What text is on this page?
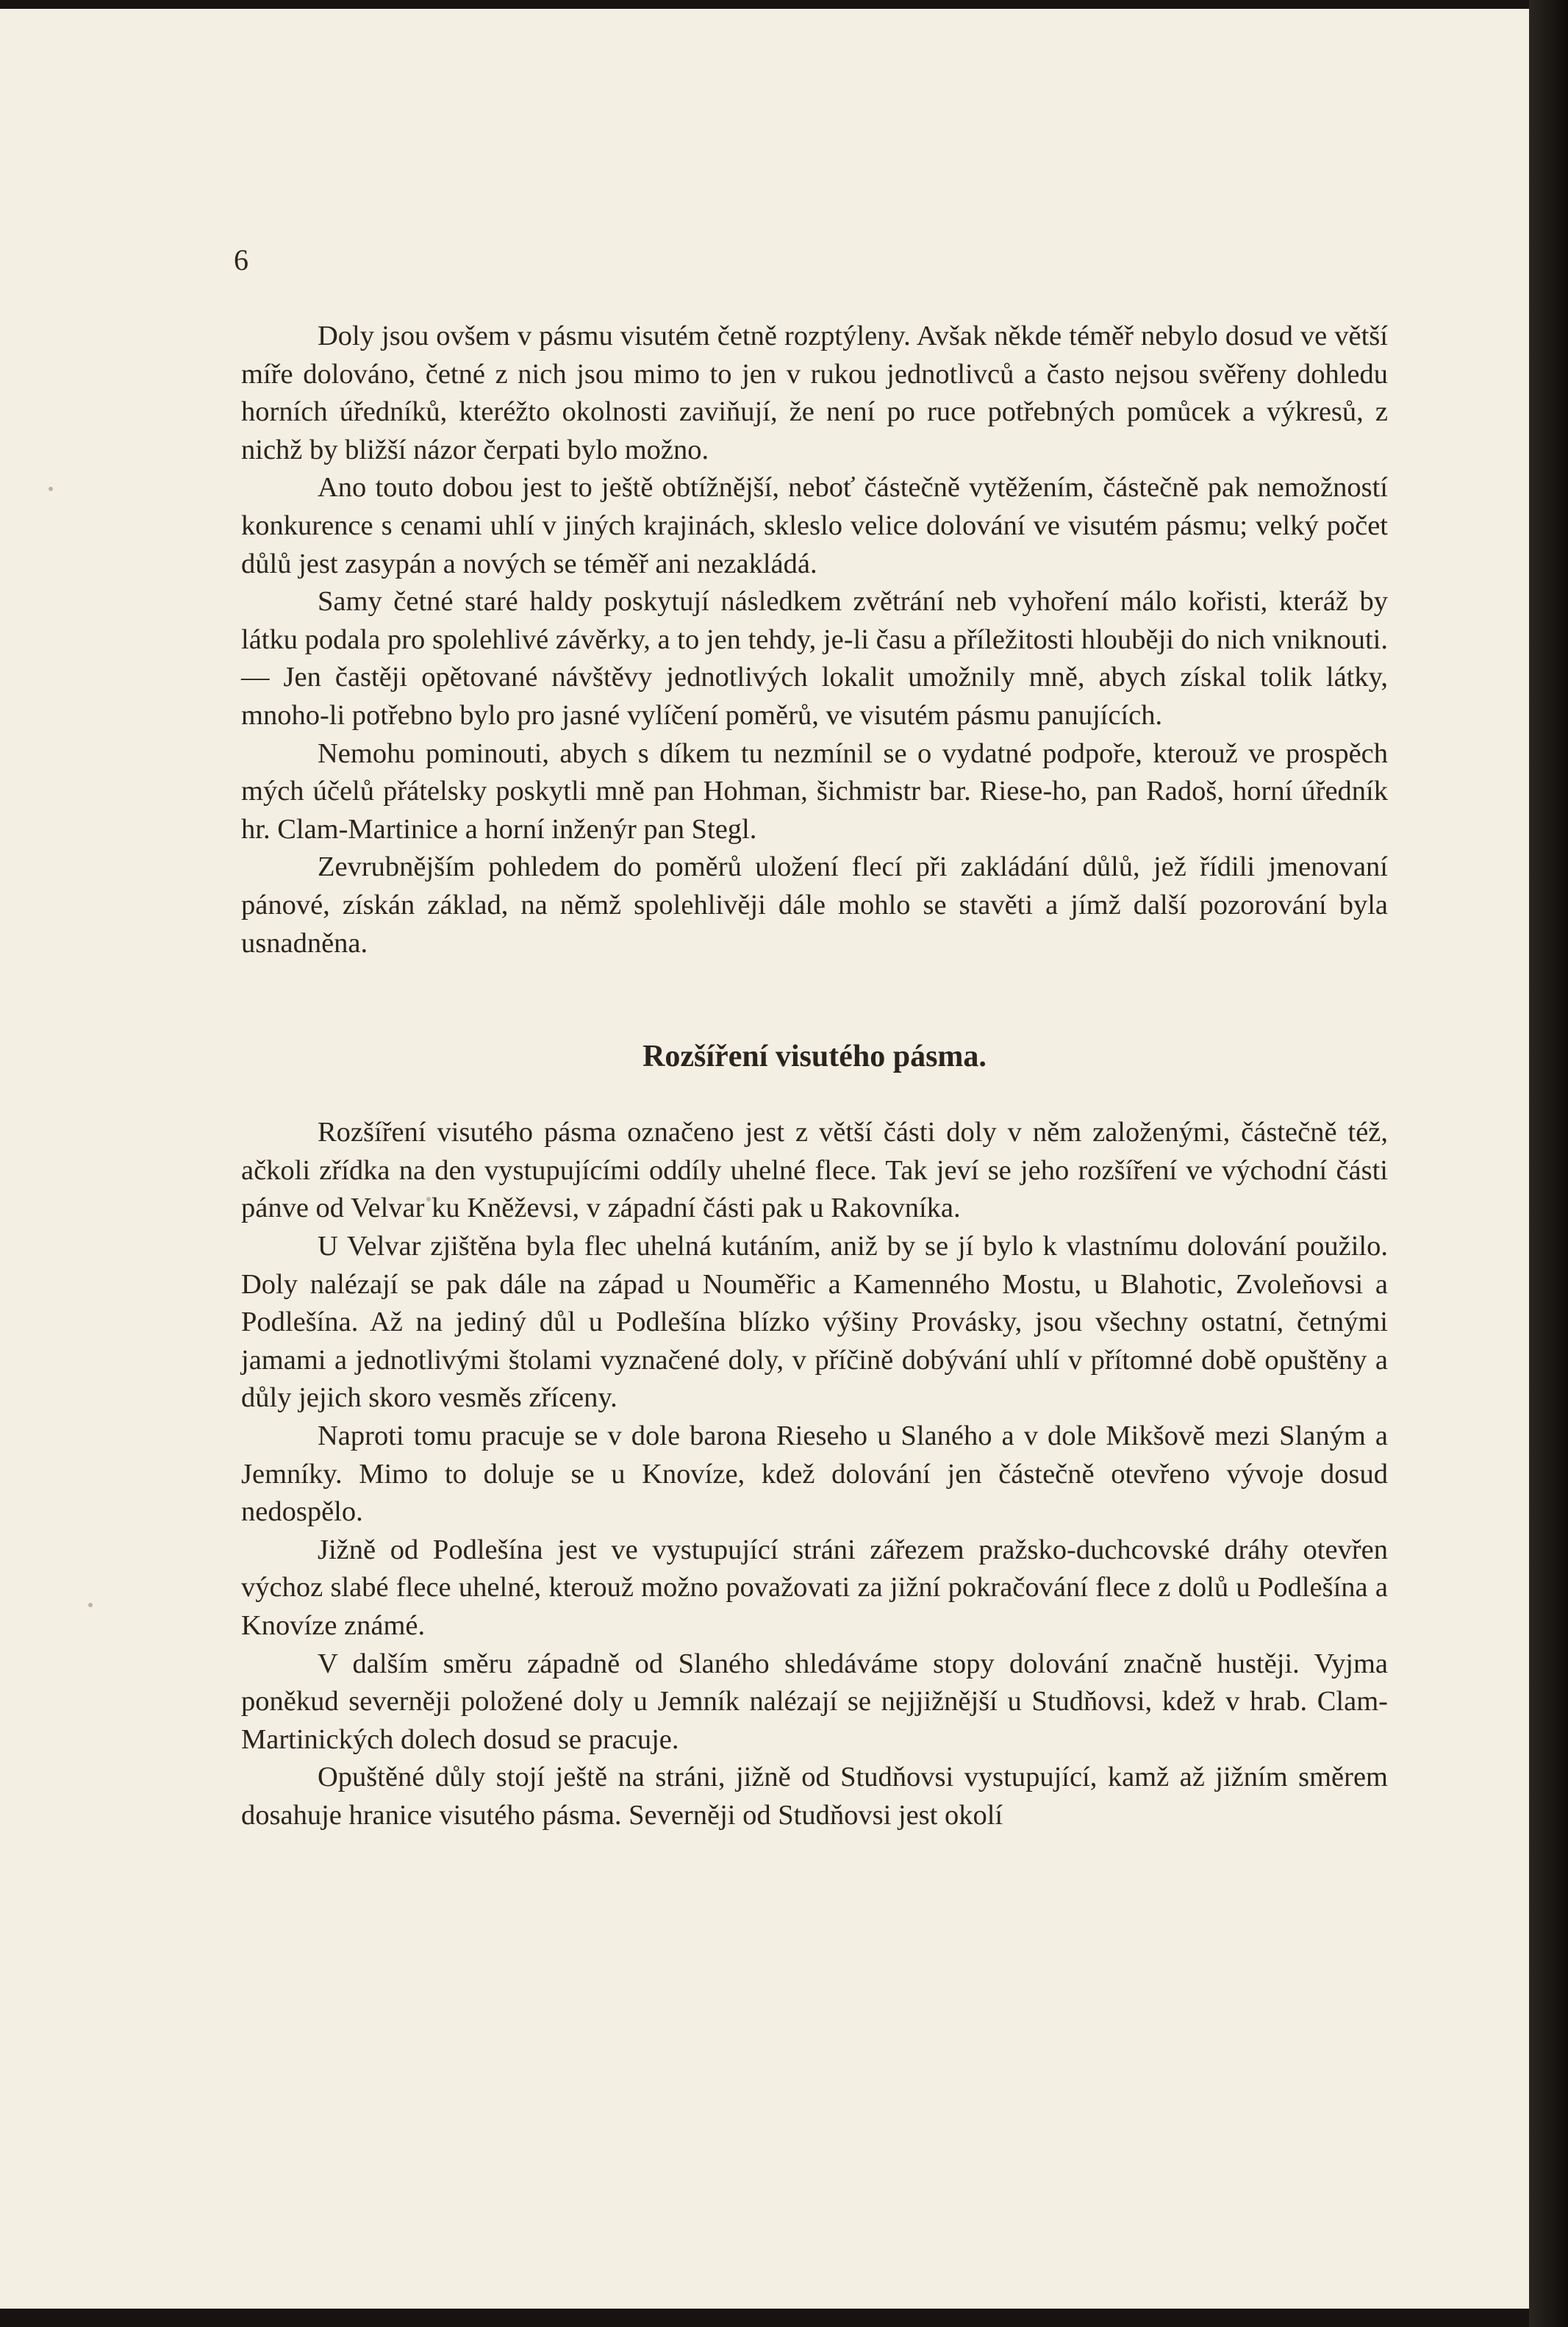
6

Doly jsou ovšem v pásmu visutém četně rozptýleny. Avšak někde téměř nebylo dosud ve větší míře dolováno, četné z nich jsou mimo to jen v rukou jednotlivců a často nejsou svěřeny dohledu horních úředníků, kteréžto okolnosti zaviňují, že není po ruce potřebných pomůcek a výkresů, z nichž by bližší názor čerpati bylo možno.

Ano touto dobou jest to ještě obtížnější, neboť částečně vytěžením, částečně pak nemožností konkurence s cenami uhlí v jiných krajinách, skleslo velice dolování ve visutém pásmu; velký počet důlů jest zasypán a nových se téměř ani nezakládá.

Samy četné staré haldy poskytují následkem zvětrání neb vyhoření málo kořisti, kteráž by látku podala pro spolehlivé závěrky, a to jen tehdy, je-li času a příležitosti hlouběji do nich vniknouti. — Jen častěji opětované návštěvy jednotlivých lokalit umožnily mně, abych získal tolik látky, mnoho-li potřebno bylo pro jasné vylíčení poměrů, ve visutém pásmu panujících.

Nemohu pominouti, abych s díkem tu nezmínil se o vydatné podpoře, kterouž ve prospěch mých účelů přátelsky poskytli mně pan Hohman, šichmistr bar. Riese-ho, pan Radoš, horní úředník hr. Clam-Martinice a horní inženýr pan Stegl.

Zevrubnějším pohledem do poměrů uložení flecí při zakládání důlů, jež řídili jmenovaní pánové, získán základ, na němž spolehlivěji dále mohlo se stavěti a jímž další pozorování byla usnadněna.

Rozšíření visutého pásma.

Rozšíření visutého pásma označeno jest z větší části doly v něm založenými, částečně též, ačkoli zřídka na den vystupujícími oddíly uhelné flece. Tak jeví se jeho rozšíření ve východní části pánve od Velvar ku Kněževsi, v západní části pak u Rakovníka.

U Velvar zjištěna byla flec uhelná kutáním, aniž by se jí bylo k vlastnímu dolování použilo. Doly nalézají se pak dále na západ u Nouměřic a Kamenného Mostu, u Blahotic, Zvoleňovsi a Podlešína. Až na jediný důl u Podlešína blízko výšiny Provásky, jsou všechny ostatní, četnými jamami a jednotlivými štolami vyznačené doly, v příčině dobývání uhlí v přítomné době opuštěny a důly jejich skoro vesměs zříceny.

Naproti tomu pracuje se v dole barona Rieseho u Slaného a v dole Mikšově mezi Slaným a Jemníky. Mimo to doluje se u Knovíze, kdež dolování jen částečně otevřeno vývoje dosud nedospělo.

Jižně od Podlešína jest ve vystupující stráni zářezem pražsko-duchcovské dráhy otevřen výchoz slabé flece uhelné, kterouž možno považovati za jižní pokračování flece z dolů u Podlešína a Knovíze známé.

V dalším směru západně od Slaného shledáváme stopy dolování značně hustěji. Vyjma poněkud severněji položené doly u Jemník nalézají se nejjižnější u Studňovsi, kdež v hrab. Clam-Martinických dolech dosud se pracuje.

Opuštěné důly stojí ještě na stráni, jižně od Studňovsi vystupující, kamž až jižním směrem dosahuje hranice visutého pásma. Severněji od Studňovsi jest okolí
